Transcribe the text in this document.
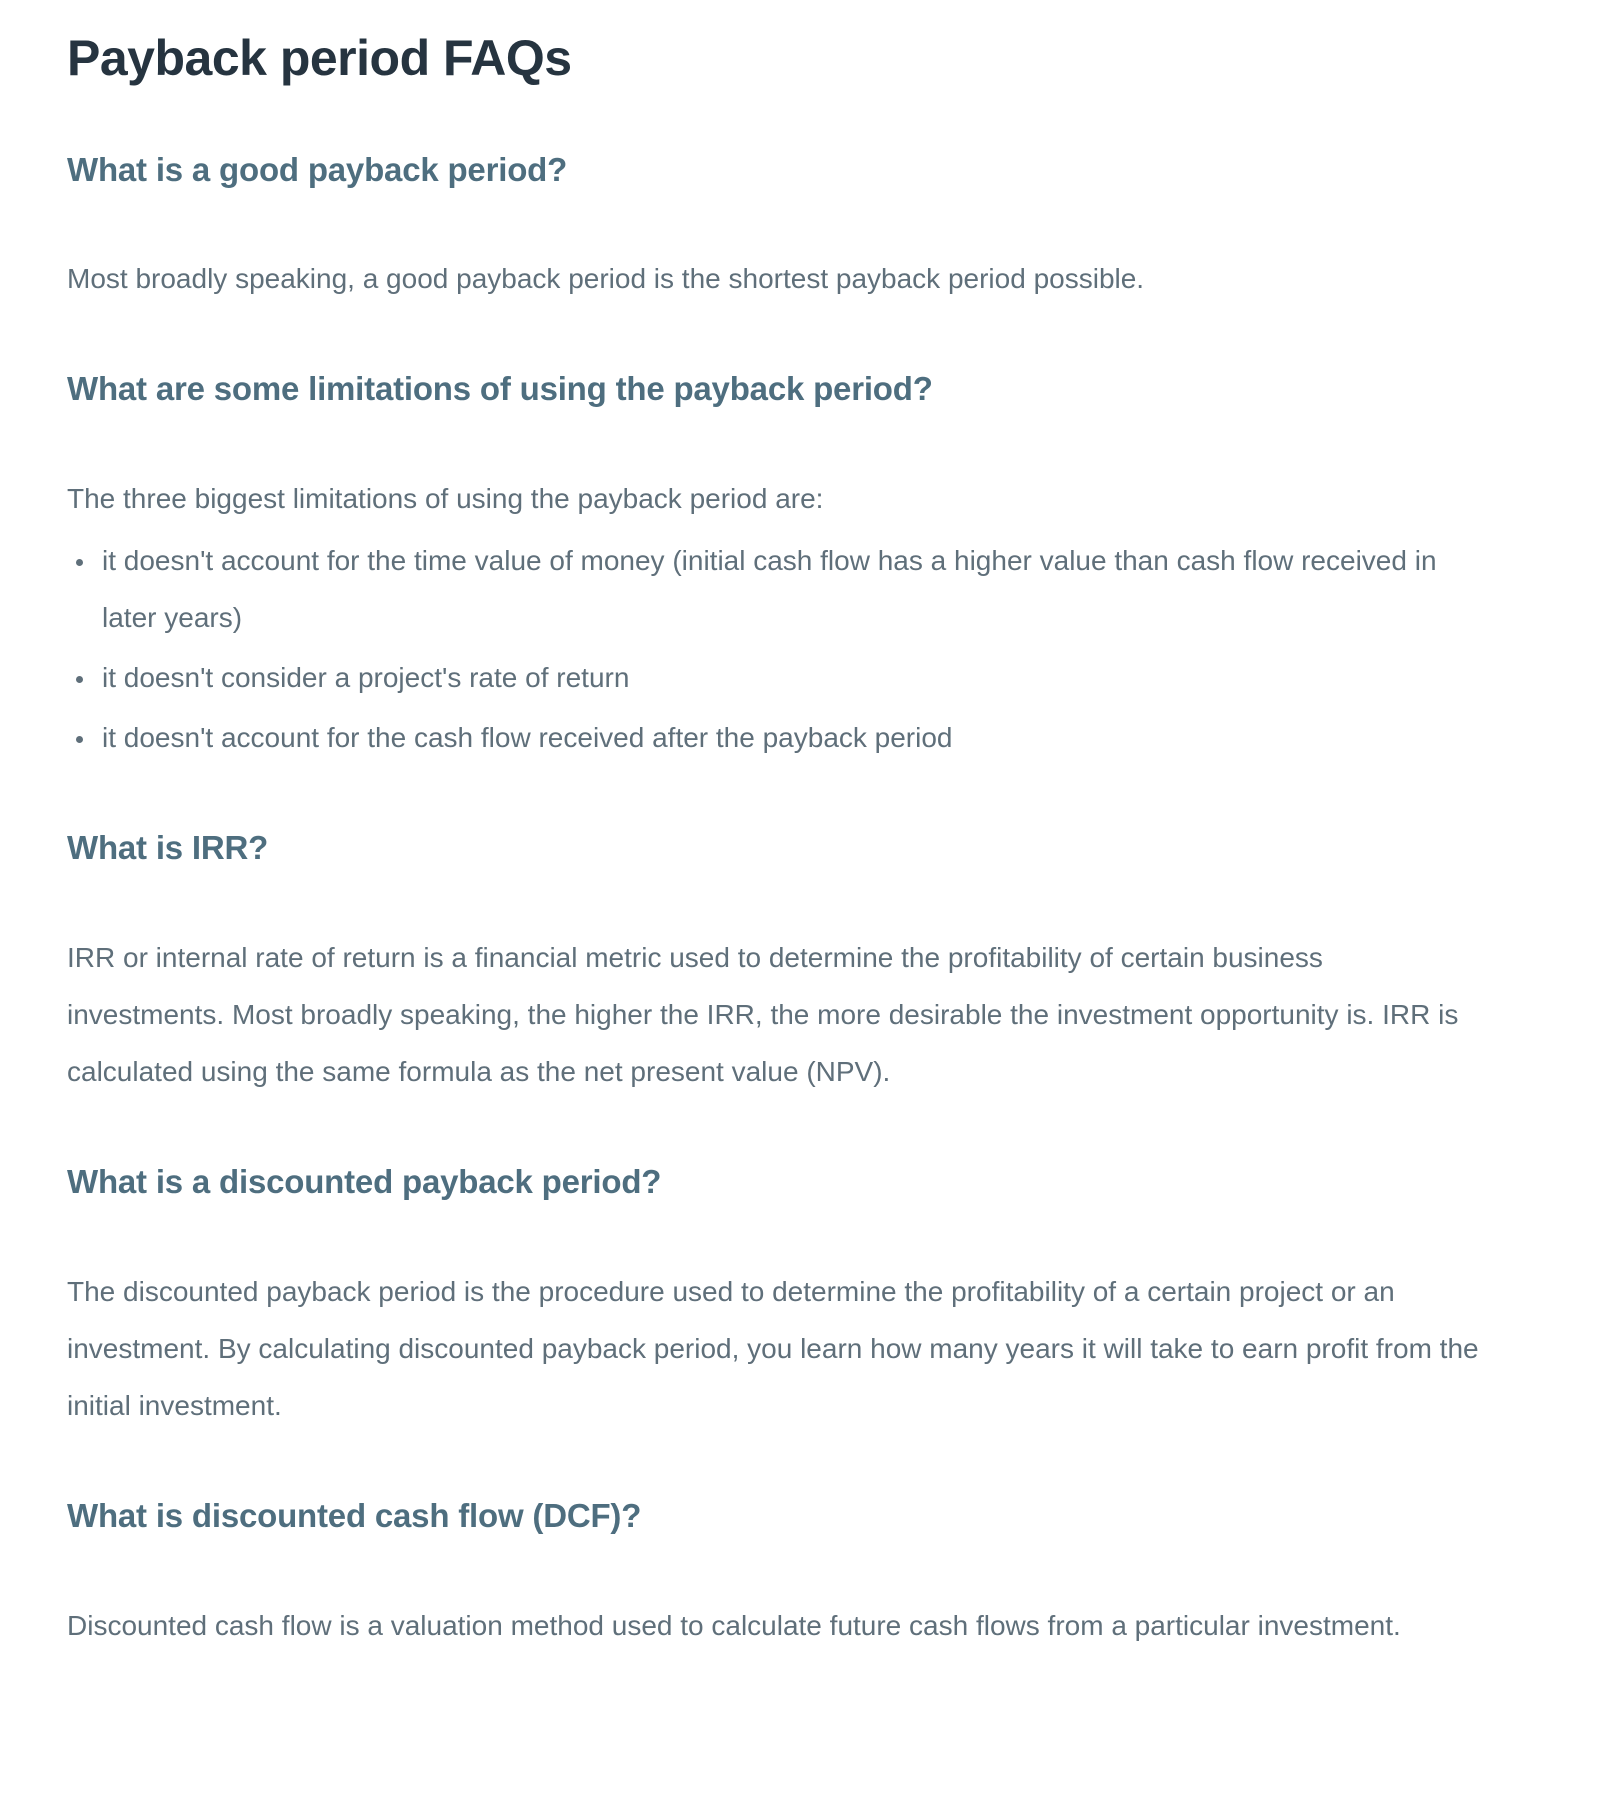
Payback period FAQs
What is a good payback period?

Most broadly speaking, a good payback period is the shortest payback period possible.

What are some limitations of using the payback period?

The three biggest limitations of using the payback period are:

• it doesn't account for the time value of money (initial cash flow has a higher value than cash flow received in later years)
• it doesn't consider a project's rate of return
• it doesn't account for the cash flow received after the payback period
What is IRR?

IRR or internal rate of return is a financial metric used to determine the profitability of certain business investments. Most broadly speaking, the higher the IRR, the more desirable the investment opportunity is. IRR is calculated using the same formula as the net present value (NPV).

What is a discounted payback period?

The discounted payback period is the procedure used to determine the profitability of a certain project or an investment. By calculating discounted payback period, you learn how many years it will take to earn profit from the initial investment.

What is discounted cash flow (DCF)?

Discounted cash flow is a valuation method used to calculate future cash flows from a particular investment.
